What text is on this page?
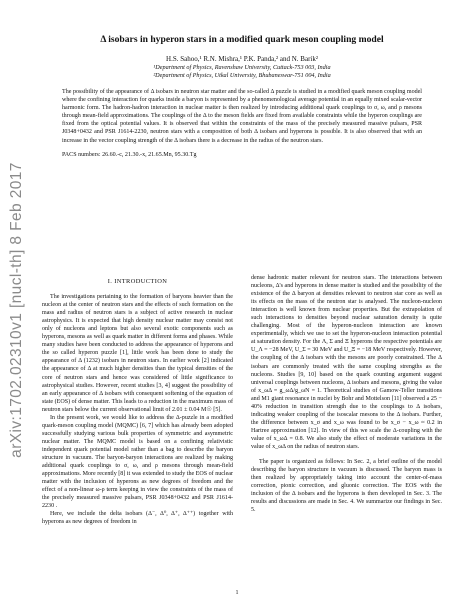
arXiv:1702.02310v1 [nucl-th] 8 Feb 2017
Δ isobars in hyperon stars in a modified quark meson coupling model

H.S. Sahoo,¹ R.N. Mishra,¹ P.K. Panda,² and N. Barik²

¹Department of Physics, Ravenshaw University, Cuttack-753 003, India

²Department of Physics, Utkal University, Bhubaneswar-751 004, India

The possibility of the appearance of Δ isobars in neutron star matter and the so-called Δ puzzle is studied in a modified quark meson coupling model where the confining interaction for quarks inside a baryon is represented by a phenomenological average potential in an equally mixed scalar-vector harmonic form. The hadron-hadron interaction in nuclear matter is then realized by introducing additional quark couplings to σ, ω, and ρ mesons through mean-field approximations. The couplings of the Δ to the meson fields are fixed from available constraints while the hyperon couplings are fixed from the optical potential values. It is observed that within the constraints of the mass of the precisely measured massive pulsars, PSR J0348+0432 and PSR J1614-2230, neutron stars with a composition of both Δ isobars and hyperons is possible. It is also observed that with an increase in the vector coupling strength of the Δ isobars there is a decrease in the radius of the neutron stars.

PACS numbers: 26.60.-c, 21.30.-x, 21.65.Mn, 95.30.Tg

I. INTRODUCTION

The investigations pertaining to the formation of baryons heavier than the nucleon at the center of neutron stars and the effects of such formation on the mass and radius of neutron stars is a subject of active research in nuclear astrophysics. It is expected that high density nuclear matter may consist not only of nucleons and leptons but also several exotic components such as hyperons, mesons as well as quark matter in different forms and phases. While many studies have been conducted to address the appearance of hyperons and the so called hyperon puzzle [1], little work has been done to study the appearance of Δ (1232) isobars in neutron stars. In earlier work [2] indicated the appearance of Δ at much higher densities than the typical densities of the core of neutron stars and hence was considered of little significance to astrophysical studies. However, recent studies [3, 4] suggest the possibility of an early appearance of Δ isobars with consequent softening of the equation of state (EOS) of dense matter. This leads to a reduction in the maximum mass of neutron stars below the current observational limit of 2.01 ± 0.04 M☉ [5].

In the present work, we would like to address the Δ-puzzle in a modified quark-meson coupling model (MQMC) [6, 7] which has already been adopted successfully studying various bulk properties of symmetric and asymmetric nuclear matter. The MQMC model is based on a confining relativistic independent quark potential model rather than a bag to describe the baryon structure in vacuum. The baryon-baryon interactions are realized by making additional quark couplings to σ, ω, and ρ mesons through mean-field approximations. More recently [8] it was extended to study the EOS of nuclear matter with the inclusion of hyperons as new degrees of freedom and the effect of a non-linear ω-ρ term keeping in view the constraints of the mass of the precisely measured massive pulsars, PSR J0348+0432 and PSR J1614-2230 .

Here, we include the delta isobars (Δ⁻, Δ⁰, Δ⁺, Δ⁺⁺) together with hyperons as new degrees of freedom in

dense hadronic matter relevant for neutron stars. The interactions between nucleons, Δ's and hyperons in dense matter is studied and the possibility of the existence of the Δ baryon at densities relevant to neutron star core as well as its effects on the mass of the neutron star is analysed. The nucleon-nucleon interaction is well known from nuclear properties. But the extrapolation of such interactions to densities beyond nuclear saturation density is quite challenging. Most of the hyperon-nucleon interaction are known experimentally, which we use to set the hyperon-nucleon interaction potential at saturation density. For the Λ, Σ and Ξ hyperons the respective potentials are U_Λ = −28 MeV, U_Σ = 30 MeV and U_Ξ = −18 MeV respectively. However, the coupling of the Δ isobars with the mesons are poorly constrained. The Δ isobars are commonly treated with the same coupling strengths as the nucleons. Studies [9, 10] based on the quark counting argument suggest universal couplings between nucleons, Δ isobars and mesons, giving the value of x_ωΔ = g_ωΔ/g_ωN = 1. Theoretical studies of Gamow-Teller transitions and M1 giant resonance in nuclei by Bohr and Mottelson [11] observed a 25 − 40% reduction in transition strength due to the couplings to Δ isobars, indicating weaker coupling of the isoscalar mesons to the Δ isobars. Further, the difference between x_σ and x_ω was found to be x_σ − x_ω ≈ 0.2 in Hartree approximation [12]. In view of this we scale the Δ-coupling with the value of x_ωΔ = 0.8. We also study the effect of moderate variations in the value of x_ωΔ on the radius of neutron stars.

The paper is organized as follows: In Sec. 2, a brief outline of the model describing the baryon structure in vacuum is discussed. The baryon mass is then realized by appropriately taking into account the center-of-mass correction, pionic correction, and gluonic correction. The EOS with the inclusion of the Δ isobars and the hyperons is then developed in Sec. 3. The results and discussions are made in Sec. 4. We summarize our findings in Sec. 5.

1
